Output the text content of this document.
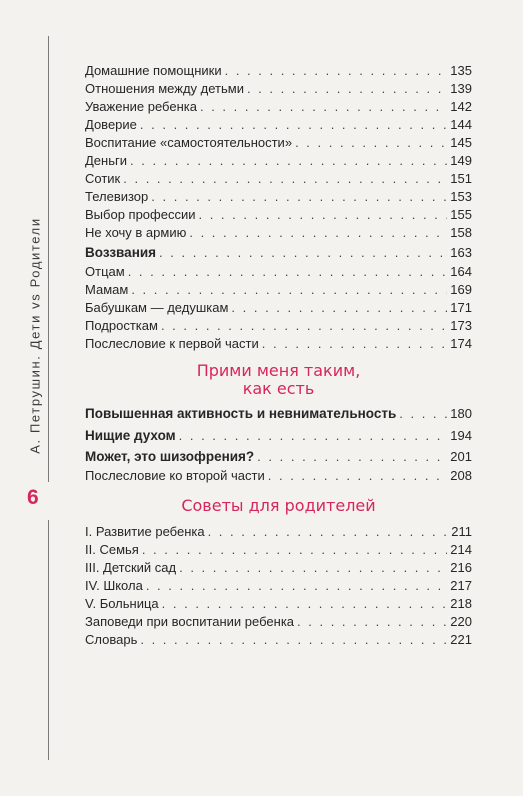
А. Петрушин. Дети vs Родители
6
Домашние помощники . . .	135
Отношения между детьми . . .	139
Уважение ребенка . . .	142
Доверие . . .	144
Воспитание «самостоятельности» . . .	145
Деньги . . .	149
Сотик . . .	151
Телевизор . . .	153
Выбор профессии . . .	155
Не хочу в армию . . .	158
Воззвания . . .	163
Отцам . . .	164
Мамам . . .	169
Бабушкам — дедушкам . . .	171
Подросткам . . .	173
Послесловие к первой части . . .	174
Прими меня таким,
как есть
Повышенная активность и невнимательность . . .	180
Нищие духом . . .	194
Может, это шизофрения? . . .	201
Послесловие ко второй части . . .	208
Советы для родителей
I. Развитие ребенка . . .	211
II. Семья . . .	214
III. Детский сад . . .	216
IV. Школа . . .	217
V. Больница . . .	218
Заповеди при воспитании ребенка . . .	220
Словарь . . .	221
